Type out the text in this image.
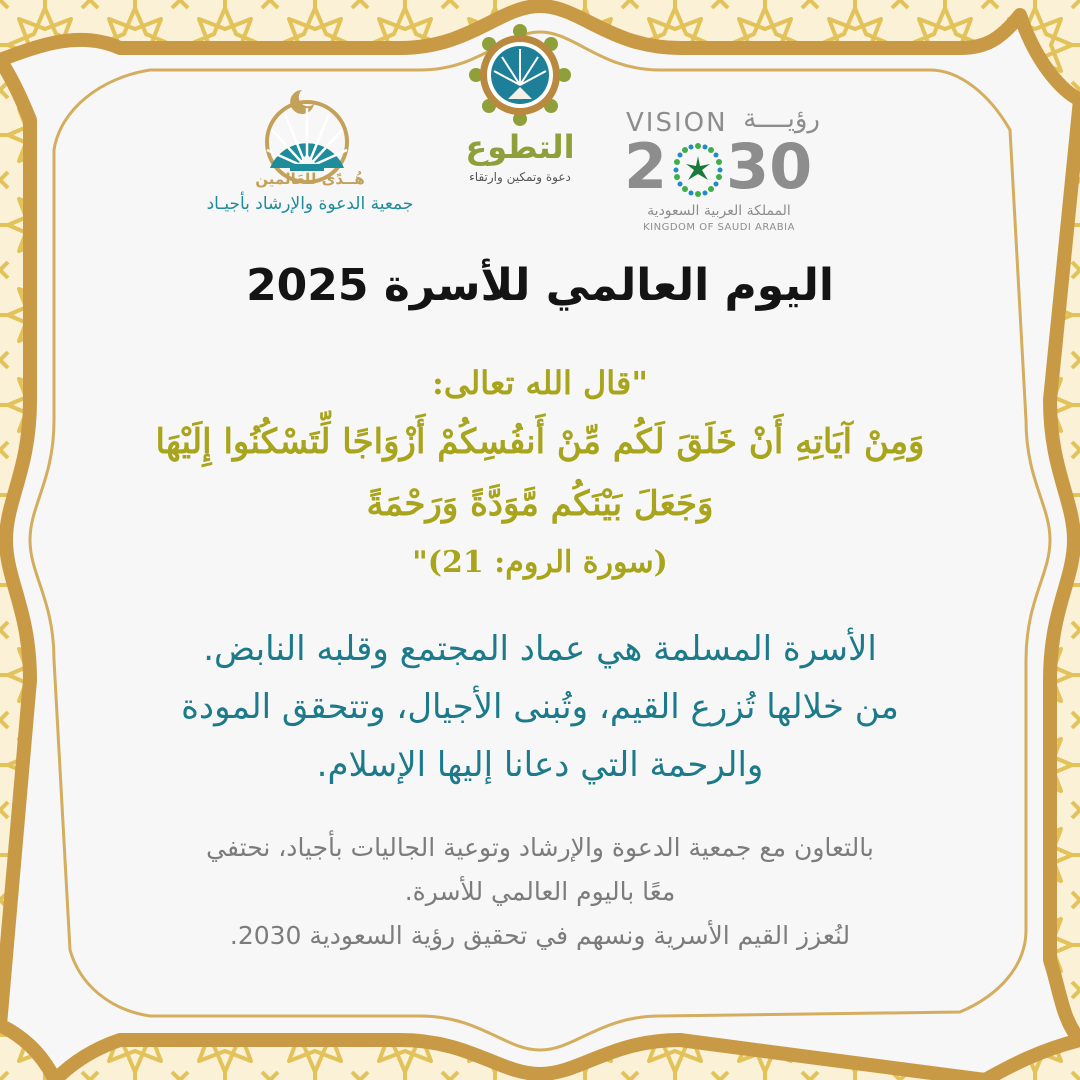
هُــدًى للعَالمين
جمعية الدعوة والإرشاد بأجيـاد
التطوع
دعوة وتمكين وارتقاء
VISION رؤيــــة
2 30
المملكة العربية السعودية
KINGDOM OF SAUDI ARABIA
اليوم العالمي للأسرة 2025
"قال الله تعالى:
وَمِنْ آيَاتِهِ أَنْ خَلَقَ لَكُم مِّنْ أَنفُسِكُمْ أَزْوَاجًا لِّتَسْكُنُوا إِلَيْهَا
وَجَعَلَ بَيْنَكُم مَّوَدَّةً وَرَحْمَةً
(سورة الروم: 21)"
الأسرة المسلمة هي عماد المجتمع وقلبه النابض.
من خلالها تُزرع القيم، وتُبنى الأجيال، وتتحقق المودة
والرحمة التي دعانا إليها الإسلام.
بالتعاون مع جمعية الدعوة والإرشاد وتوعية الجاليات بأجياد، نحتفي
معًا باليوم العالمي للأسرة.
لنُعزز القيم الأسرية ونسهم في تحقيق رؤية السعودية 2030.
